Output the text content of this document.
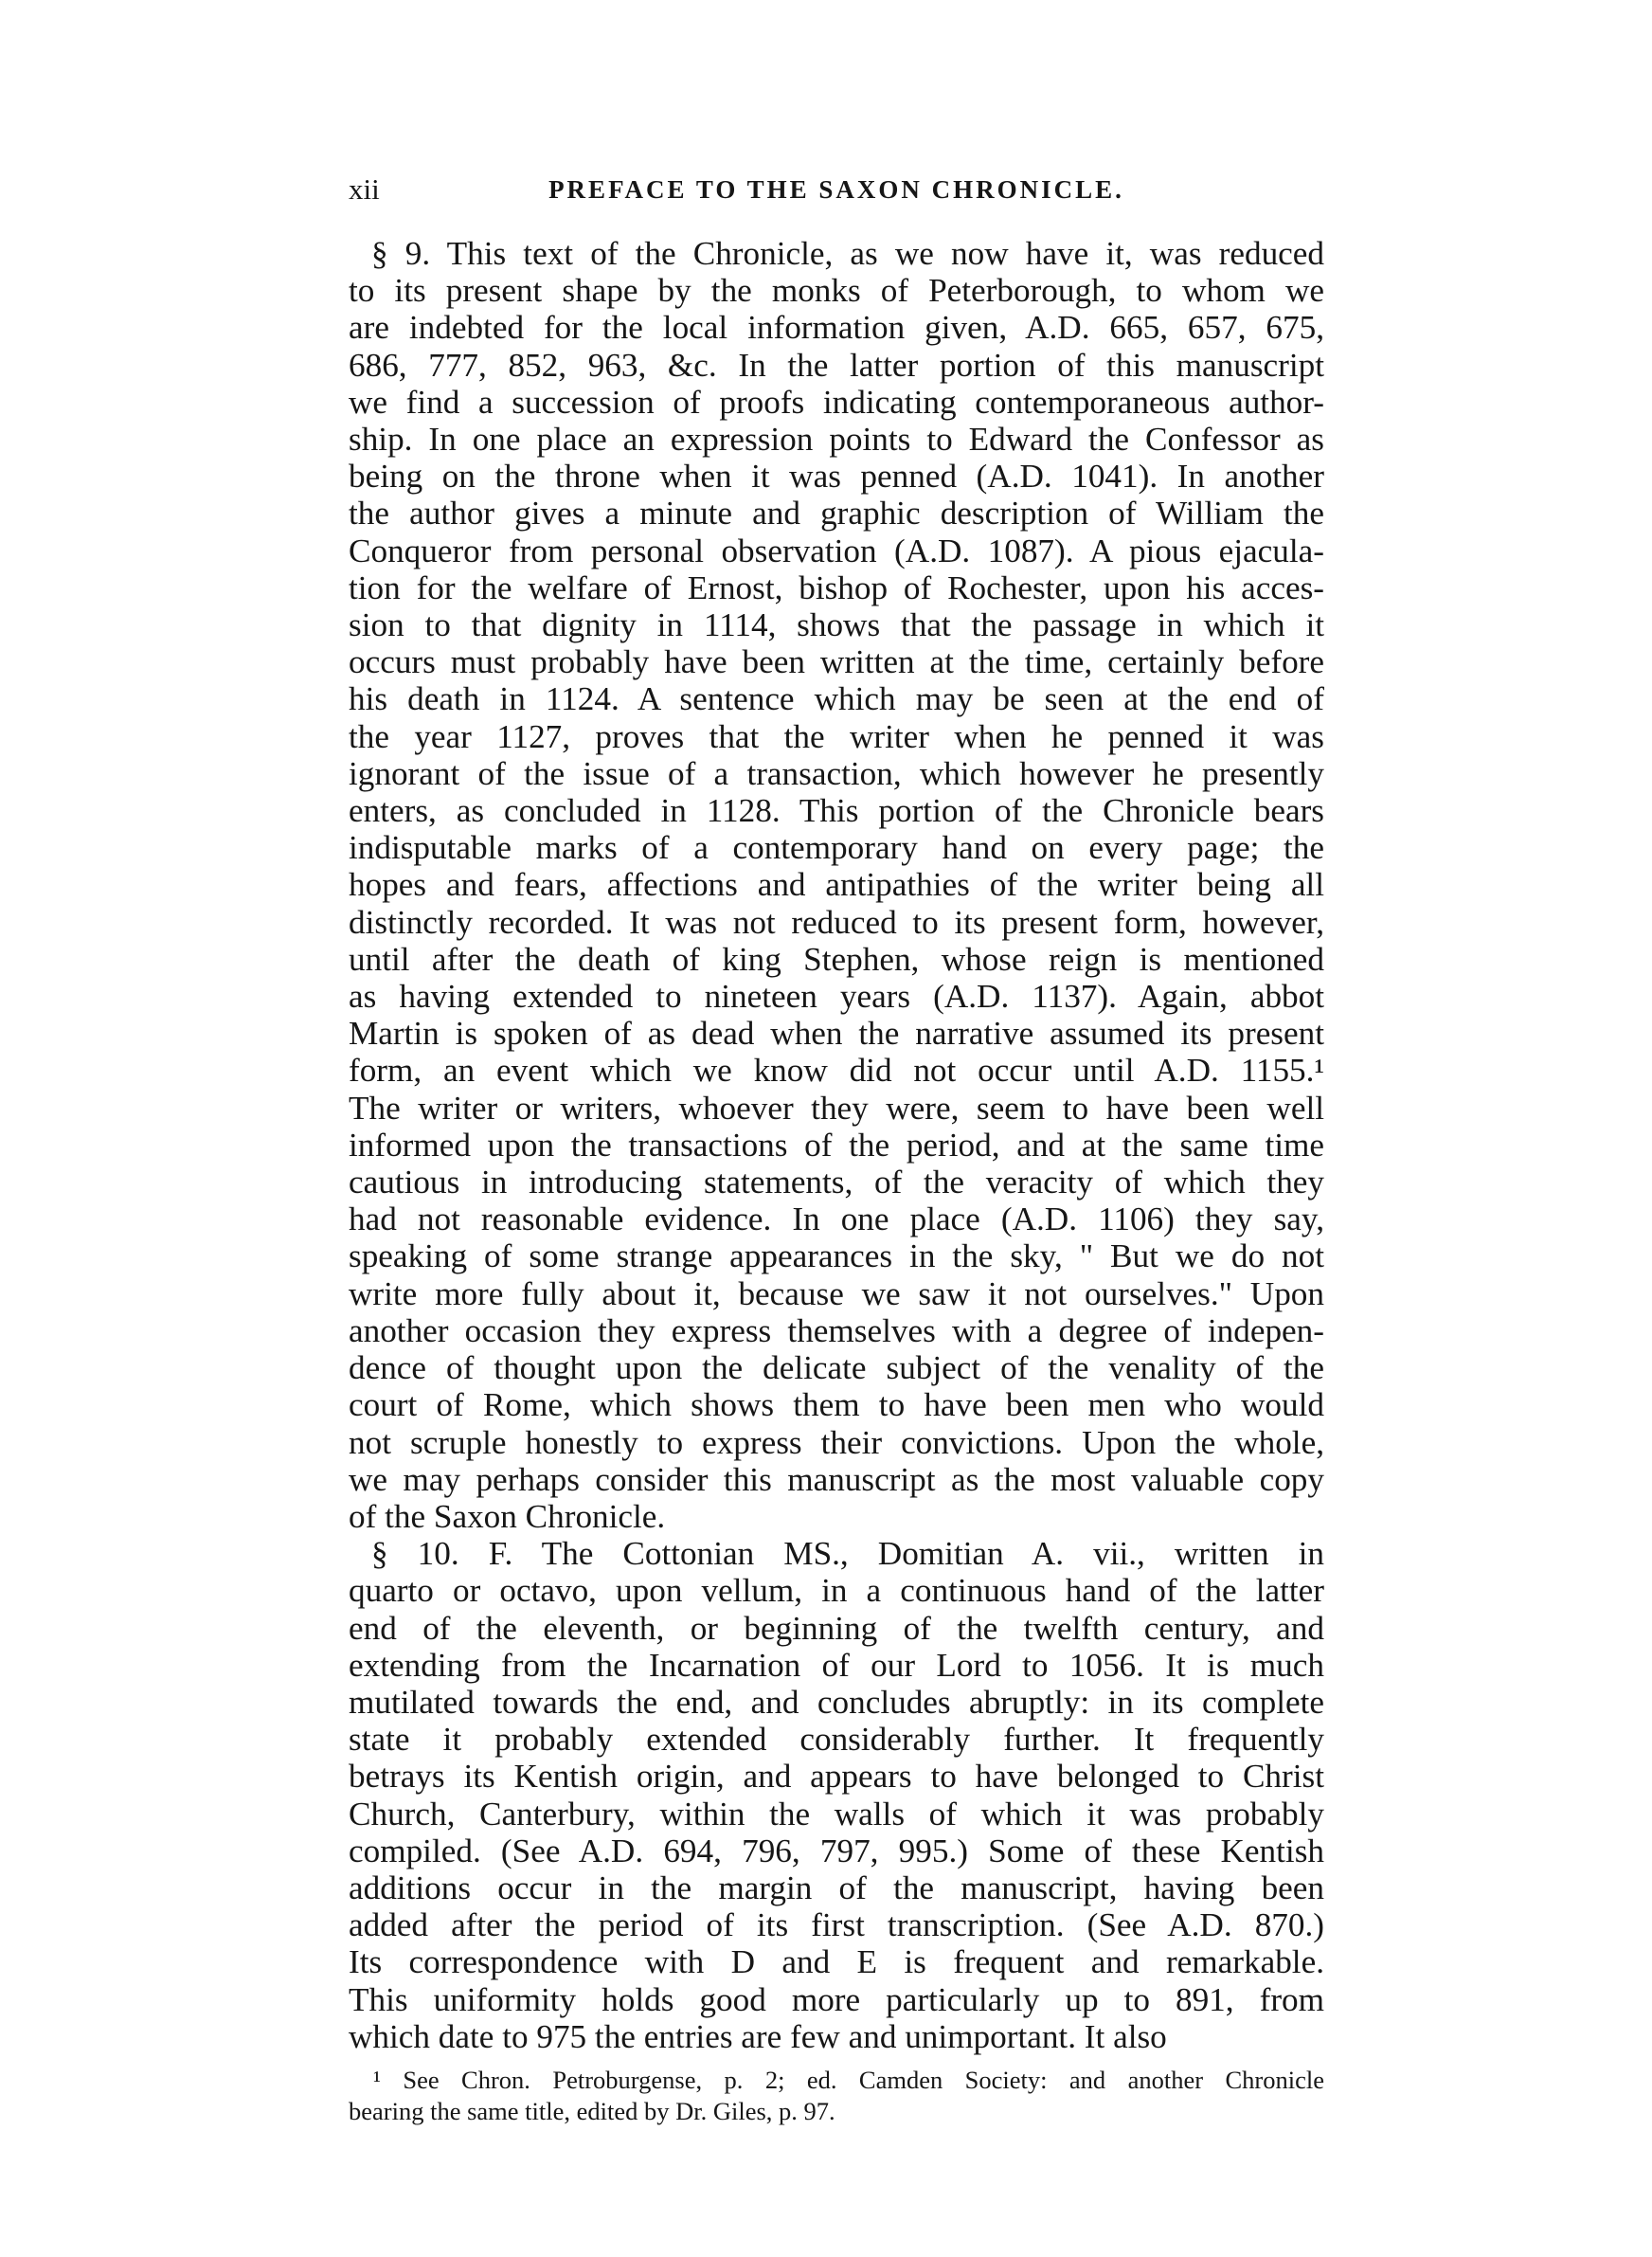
xii	PREFACE TO THE SAXON CHRONICLE.
§ 9. This text of the Chronicle, as we now have it, was reduced
to its present shape by the monks of Peterborough, to whom we
are indebted for the local information given, A.D. 665, 657, 675,
686, 777, 852, 963, &c. In the latter portion of this manuscript
we find a succession of proofs indicating contemporaneous author-
ship. In one place an expression points to Edward the Confessor as
being on the throne when it was penned (A.D. 1041). In another
the author gives a minute and graphic description of William the
Conqueror from personal observation (A.D. 1087). A pious ejacula-
tion for the welfare of Ernost, bishop of Rochester, upon his acces-
sion to that dignity in 1114, shows that the passage in which it
occurs must probably have been written at the time, certainly before
his death in 1124. A sentence which may be seen at the end of
the year 1127, proves that the writer when he penned it was
ignorant of the issue of a transaction, which however he presently
enters, as concluded in 1128. This portion of the Chronicle bears
indisputable marks of a contemporary hand on every page; the
hopes and fears, affections and antipathies of the writer being all
distinctly recorded. It was not reduced to its present form, however,
until after the death of king Stephen, whose reign is mentioned
as having extended to nineteen years (A.D. 1137). Again, abbot
Martin is spoken of as dead when the narrative assumed its present
form, an event which we know did not occur until A.D. 1155.¹
The writer or writers, whoever they were, seem to have been well
informed upon the transactions of the period, and at the same time
cautious in introducing statements, of the veracity of which they
had not reasonable evidence. In one place (A.D. 1106) they say,
speaking of some strange appearances in the sky, " But we do not
write more fully about it, because we saw it not ourselves." Upon
another occasion they express themselves with a degree of indepen-
dence of thought upon the delicate subject of the venality of the
court of Rome, which shows them to have been men who would
not scruple honestly to express their convictions. Upon the whole,
we may perhaps consider this manuscript as the most valuable copy
of the Saxon Chronicle.
§ 10. F. The Cottonian MS., Domitian A. vii., written in
quarto or octavo, upon vellum, in a continuous hand of the latter
end of the eleventh, or beginning of the twelfth century, and
extending from the Incarnation of our Lord to 1056. It is much
mutilated towards the end, and concludes abruptly: in its complete
state it probably extended considerably further. It frequently
betrays its Kentish origin, and appears to have belonged to Christ
Church, Canterbury, within the walls of which it was probably
compiled. (See A.D. 694, 796, 797, 995.) Some of these Kentish
additions occur in the margin of the manuscript, having been
added after the period of its first transcription. (See A.D. 870.)
Its correspondence with D and E is frequent and remarkable.
This uniformity holds good more particularly up to 891, from
which date to 975 the entries are few and unimportant. It also
¹ See Chron. Petroburgense, p. 2; ed. Camden Society: and another Chronicle
bearing the same title, edited by Dr. Giles, p. 97.
